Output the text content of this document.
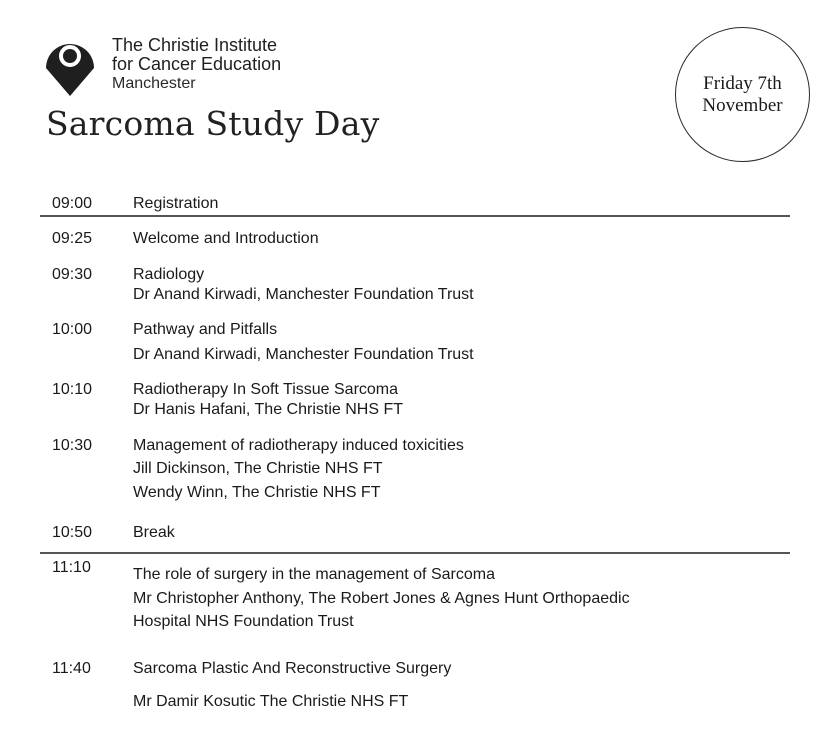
The Christie Institute
for Cancer Education
Manchester
Sarcoma Study Day
Friday 7th
November
09:00	Registration
09:25	Welcome and Introduction
09:30	Radiology
Dr Anand Kirwadi, Manchester Foundation Trust
10:00	Pathway and Pitfalls
Dr Anand Kirwadi, Manchester Foundation Trust
10:10	Radiotherapy In Soft Tissue Sarcoma
Dr Hanis Hafani, The Christie NHS FT
10:30	Management of radiotherapy induced toxicities
Jill Dickinson, The Christie NHS FT
Wendy Winn, The Christie NHS FT
10:50	Break
11:10	The role of surgery in the management of Sarcoma
Mr Christopher Anthony, The Robert Jones & Agnes Hunt Orthopaedic
Hospital NHS Foundation Trust
11:40	Sarcoma Plastic And Reconstructive Surgery
Mr Damir Kosutic The Christie NHS FT
